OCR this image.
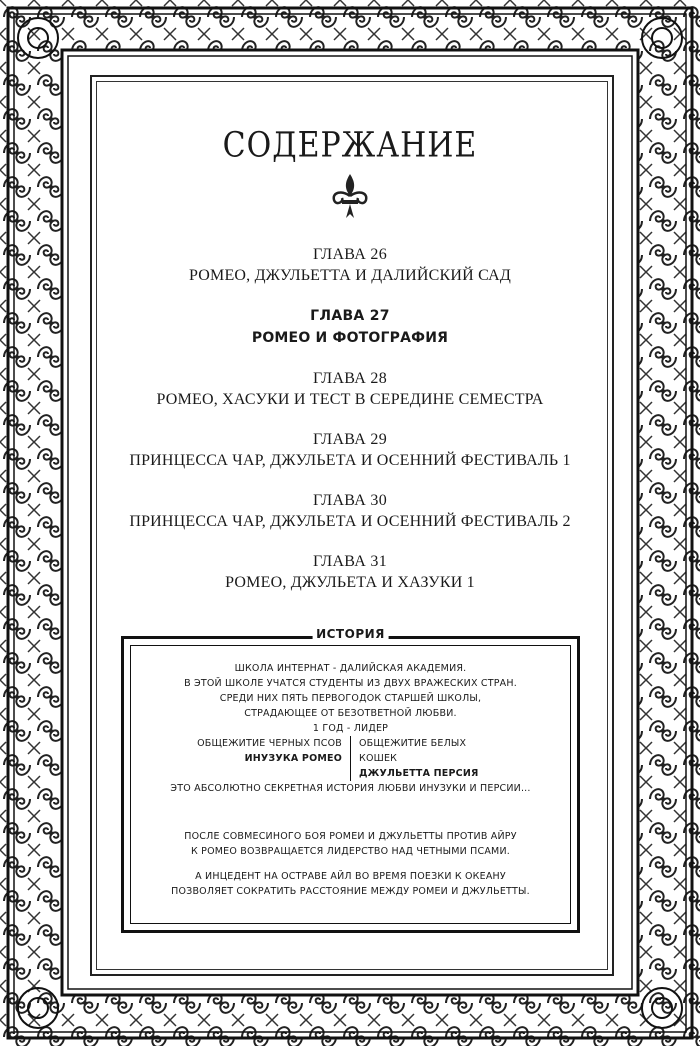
СОДЕРЖАНИЕ
ГЛАВА 26
РОМЕО, ДЖУЛЬЕТТА И ДАЛИЙСКИЙ САД
ГЛАВА 27
РОМЕО И ФОТОГРАФИЯ
ГЛАВА 28
РОМЕО, ХАСУКИ И ТЕСТ В СЕРЕДИНЕ СЕМЕСТРА
ГЛАВА 29
ПРИНЦЕССА ЧАР, ДЖУЛЬЕТА И ОСЕННИЙ ФЕСТИВАЛЬ 1
ГЛАВА 30
ПРИНЦЕССА ЧАР, ДЖУЛЬЕТА И ОСЕННИЙ ФЕСТИВАЛЬ 2
ГЛАВА 31
РОМЕО, ДЖУЛЬЕТА И ХАЗУКИ 1
ИСТОРИЯ
ШКОЛА ИНТЕРНАТ - ДАЛИЙСКАЯ АКАДЕМИЯ.
В ЭТОЙ ШКОЛЕ УЧАТСЯ СТУДЕНТЫ ИЗ ДВУХ ВРАЖЕСКИХ СТРАН.
СРЕДИ НИХ ПЯТЬ ПЕРВОГОДОК СТАРШЕЙ ШКОЛЫ,
СТРАДАЮЩЕЕ ОТ БЕЗОТВЕТНОЙ ЛЮБВИ.
1 ГОД - ЛИДЕР
ОБЩЕЖИТИЕ ЧЕРНЫХ ПСОВ
ИНУЗУКА РОМЕО
ОБЩЕЖИТИЕ БЕЛЫХ КОШЕК
ДЖУЛЬЕТТА ПЕРСИЯ
ЭТО АБСОЛЮТНО СЕКРЕТНАЯ ИСТОРИЯ ЛЮБВИ ИНУЗУКИ И ПЕРСИИ...
ПОСЛЕ СОВМЕСИНОГО БОЯ РОМЕИ И ДЖУЛЬЕТТЫ ПРОТИВ АЙРУ
К РОМЕО ВОЗВРАЩАЕТСЯ ЛИДЕРСТВО НАД ЧЕТНЫМИ ПСАМИ.
А ИНЦЕДЕНТ НА ОСТРАВЕ АЙЛ ВО ВРЕМЯ ПОЕЗКИ К ОКЕАНУ
ПОЗВОЛЯЕТ СОКРАТИТЬ РАССТОЯНИЕ МЕЖДУ РОМЕИ И ДЖУЛЬЕТТЫ.
